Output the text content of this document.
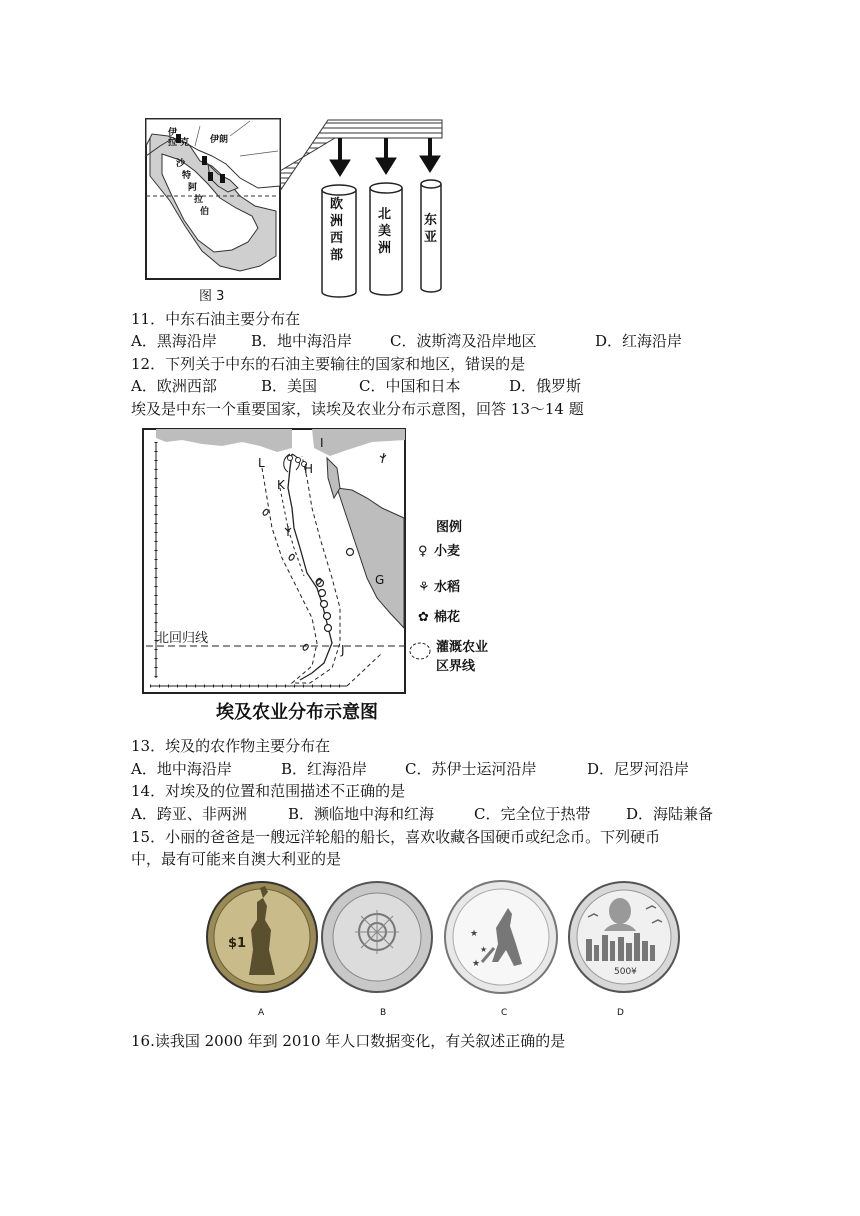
伊
拉 克 伊朗
沙
特
阿
拉
伯	欧洲西部
北美洲
东亚
图 3
11．中东石油主要分布在
A．黑海沿岸 B．地中海沿岸	C．波斯湾及沿岸地区	D．红海沿岸
12．下列关于中东的石油主要输往的国家和地区，错误的是
A．欧洲西部	B．美国	C．中国和日本	D．俄罗斯
埃及是中东一个重要国家，读埃及农业分布示意图，回答 13～14 题
L
K
H
I
G
J
北回归线
图例
♀ 小麦
⚘ 水稻
✿ 棉花
灌溉农业区界线
埃及农业分布示意图
13．埃及的农作物主要分布在
A．地中海沿岸	B．红海沿岸	C．苏伊士运河沿岸	D．尼罗河沿岸
14．对埃及的位置和范围描述不正确的是
A．跨亚、非两洲	B．濒临地中海和红海	C．完全位于热带 D．海陆兼备
15．小丽的爸爸是一艘远洋轮船的船长，喜欢收藏各国硬币或纪念币。下列硬币
中，最有可能来自澳大利亚的是
$1
★
★
★
500¥
A	B	C	D
16.读我国 2000 年到 2010 年人口数据变化，有关叙述正确的是
